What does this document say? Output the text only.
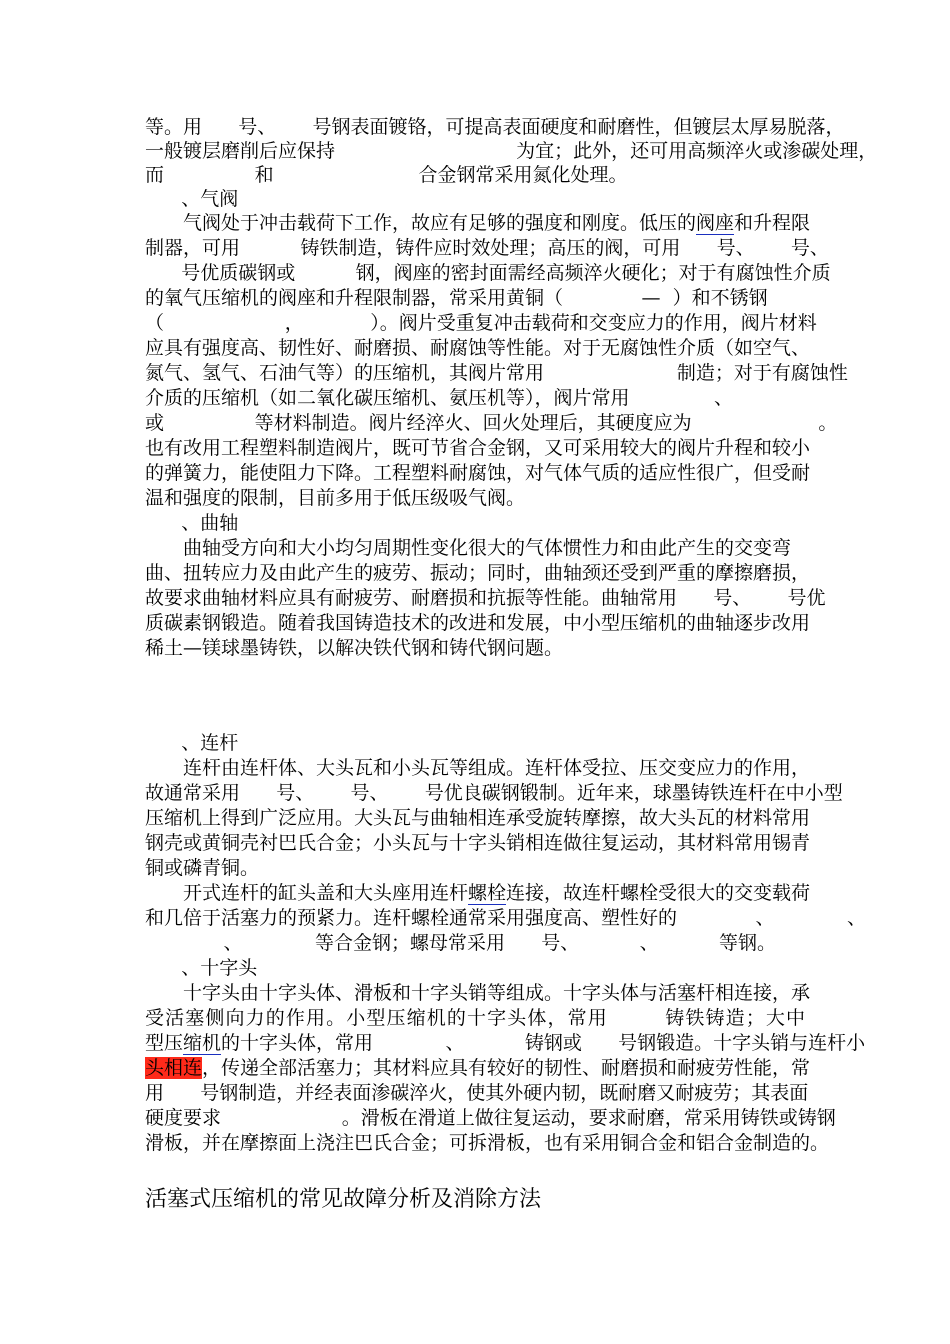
等。用      号、      号钢表面镀铬，可提高表面硬度和耐磨性，但镀层太厚易脱落，

一般镀层磨削后应保持                              为宜；此外，还可用高频淬火或渗碳处理，

而               和                        合金钢常采用氮化处理。

、气阀

气阀处于冲击载荷下工作，故应有足够的强度和刚度。低压的阀座和升程限

制器，可用          铸铁制造，铸件应时效处理；高压的阀，可用      号、      号、

号优质碳钢或          钢，阀座的密封面需经高频淬火硬化；对于有腐蚀性介质

的氧气压缩机的阀座和升程限制器，常采用黄铜（             —  ）和不锈钢

（                    ，           ）。阀片受重复冲击载荷和交变应力的作用，阀片材料

应具有强度高、韧性好、耐磨损、耐腐蚀等性能。对于无腐蚀性介质（如空气、

氮气、氢气、石油气等）的压缩机，其阀片常用                      制造；对于有腐蚀性

介质的压缩机（如二氧化碳压缩机、氨压机等），阀片常用              、

或               等材料制造。阀片经淬火、回火处理后，其硬度应为                     。

也有改用工程塑料制造阀片，既可节省合金钢，又可采用较大的阀片升程和较小

的弹簧力，能使阻力下降。工程塑料耐腐蚀，对气体气质的适应性很广，但受耐

温和强度的限制，目前多用于低压级吸气阀。

、曲轴

曲轴受方向和大小均匀周期性变化很大的气体惯性力和由此产生的交变弯

曲、扭转应力及由此产生的疲劳、振动；同时，曲轴颈还受到严重的摩擦磨损，

故要求曲轴材料应具有耐疲劳、耐磨损和抗振等性能。曲轴常用      号、      号优

质碳素钢锻造。随着我国铸造技术的改进和发展，中小型压缩机的曲轴逐步改用

稀土—镁球墨铸铁，以解决铁代钢和铸代钢问题。

、连杆

连杆由连杆体、大头瓦和小头瓦等组成。连杆体受拉、压交变应力的作用，

故通常采用      号、      号、      号优良碳钢锻制。近年来，球墨铸铁连杆在中小型

压缩机上得到广泛应用。大头瓦与曲轴相连承受旋转摩擦，故大头瓦的材料常用

钢壳或黄铜壳衬巴氏合金；小头瓦与十字头销相连做往复运动，其材料常用锡青

铜或磷青铜。

开式连杆的缸头盖和大头座用连杆螺栓连接，故连杆螺栓受很大的交变载荷

和几倍于活塞力的预紧力。连杆螺栓通常采用强度高、塑性好的             、            、

、            等合金钢；螺母常采用      号、          、          等钢。

、十字头

十字头由十字头体、滑板和十字头销等组成。十字头体与活塞杆相连接，承

受活塞侧向力的作用。小型压缩机的十字头体，常用        铸铁铸造；大中

型压缩机的十字头体，常用            、          铸钢或      号钢锻造。十字头销与连杆小

头相连，传递全部活塞力；其材料应具有较好的韧性、耐磨损和耐疲劳性能，常

用      号钢制造，并经表面渗碳淬火，使其外硬内韧，既耐磨又耐疲劳；其表面

硬度要求                    。滑板在滑道上做往复运动，要求耐磨，常采用铸铁或铸钢

滑板，并在摩擦面上浇注巴氏合金；可拆滑板，也有采用铜合金和铝合金制造的。

活塞式压缩机的常见故障分析及消除方法
